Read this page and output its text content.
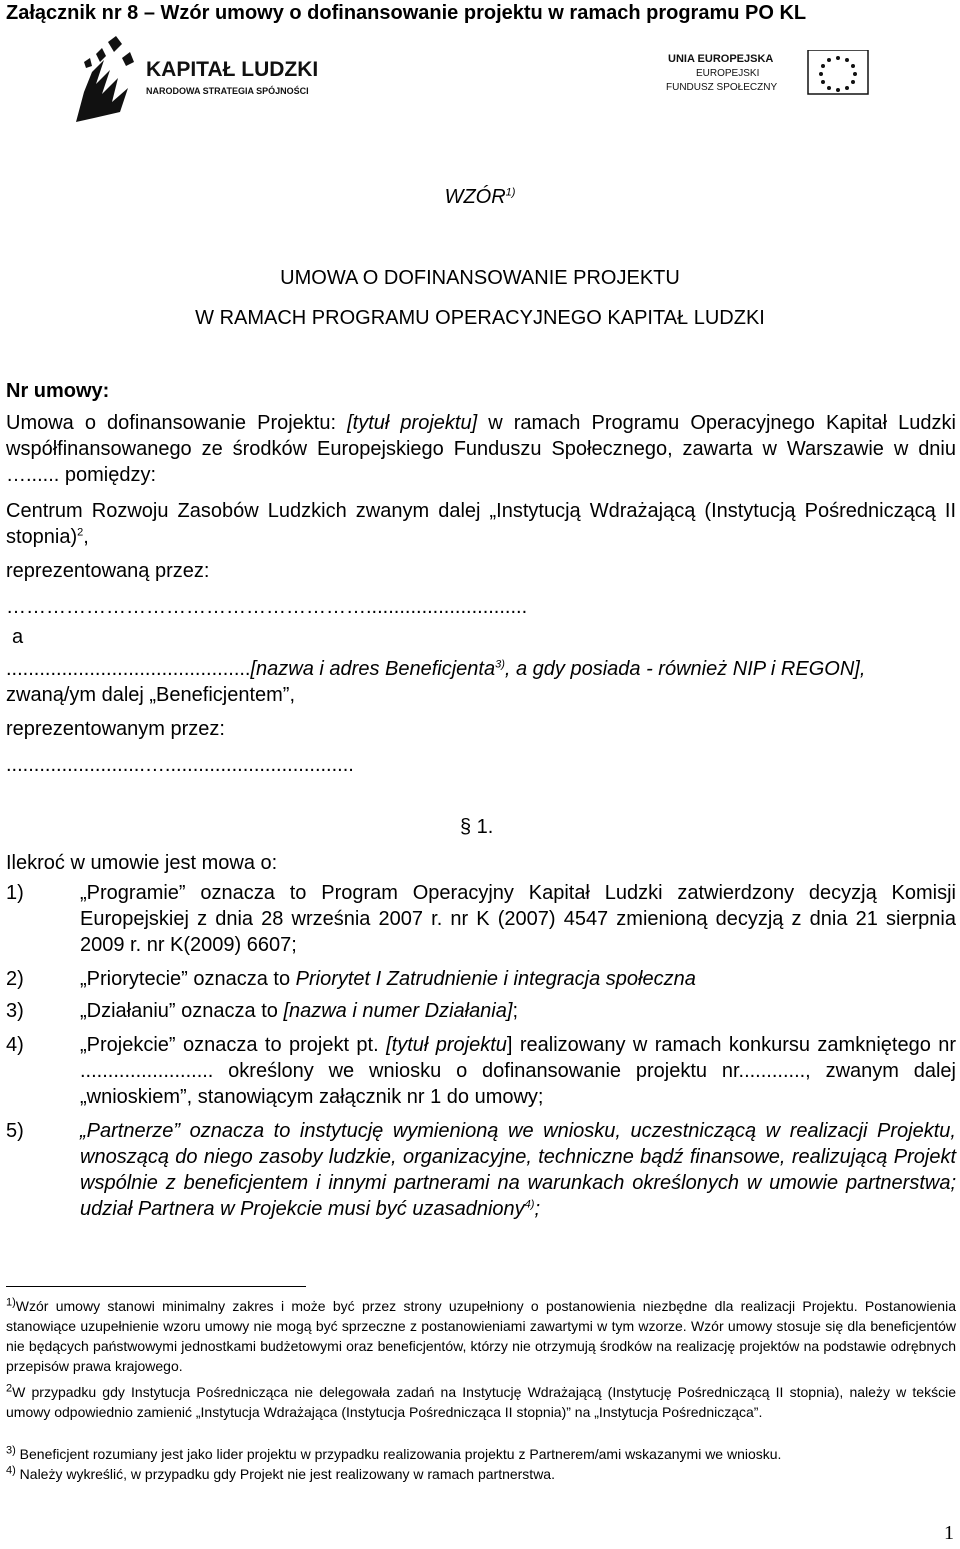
Załącznik nr 8 – Wzór umowy o dofinansowanie projektu w ramach programu PO KL
KAPITAŁ LUDZKI
NARODOWA STRATEGIA SPÓJNOŚCI
UNIA EUROPEJSKA
EUROPEJSKI
FUNDUSZ SPOŁECZNY
WZÓR$^{1)}$
UMOWA O DOFINANSOWANIE PROJEKTU
W RAMACH PROGRAMU OPERACYJNEGO KAPITAŁ LUDZKI
Nr umowy:
Umowa o dofinansowanie Projektu: [tytuł projektu] w ramach Programu Operacyjnego Kapitał Ludzki współfinansowanego ze środków Europejskiego Funduszu Społecznego, zawarta w Warszawie w dniu …...... pomiędzy:
Centrum Rozwoju Zasobów Ludzkich zwanym dalej „Instytucją Wdrażającą (Instytucją Pośredniczącą II stopnia)$^2$,
reprezentowaną przez:
……………………………………………….............................
a
............................................[nazwa i adres Beneficjenta$^{3)}$, a gdy posiada - również NIP i REGON], zwaną/ym dalej „Beneficjentem”,
reprezentowanym przez:
.........................…..................................
§ 1.
Ilekroć w umowie jest mowa o:
1)	„Programie” oznacza to Program Operacyjny Kapitał Ludzki zatwierdzony decyzją Komisji Europejskiej z dnia 28 września 2007 r. nr K (2007) 4547 zmienioną decyzją z dnia 21 sierpnia 2009 r. nr K(2009) 6607;
2)	„Priorytecie” oznacza to Priorytet I Zatrudnienie i integracja społeczna
3)	„Działaniu” oznacza to [nazwa i numer Działania];
4)	„Projekcie” oznacza to projekt pt. [tytuł projektu] realizowany w ramach konkursu zamkniętego nr ........................ określony we wniosku o dofinansowanie projektu nr............, zwanym dalej „wnioskiem”, stanowiącym załącznik nr 1 do umowy;
5)	„Partnerze” oznacza to instytucję wymienioną we wniosku, uczestniczącą w realizacji Projektu, wnoszącą do niego zasoby ludzkie, organizacyjne, techniczne bądź finansowe, realizującą Projekt wspólnie z beneficjentem i innymi partnerami na warunkach określonych w umowie partnerstwa; udział Partnera w Projekcie musi być uzasadniony$^{4)}$;
$^{1)}$Wzór umowy stanowi minimalny zakres i może być przez strony uzupełniony o postanowienia niezbędne dla realizacji Projektu. Postanowienia stanowiące uzupełnienie wzoru umowy nie mogą być sprzeczne z postanowieniami zawartymi w tym wzorze. Wzór umowy stosuje się dla beneficjentów nie będących państwowymi jednostkami budżetowymi oraz beneficjentów, którzy nie otrzymują środków na realizację projektów na podstawie odrębnych przepisów prawa krajowego.
$^2$W przypadku gdy Instytucja Pośrednicząca nie delegowała zadań na Instytucję Wdrażającą (Instytucję Pośredniczącą II stopnia), należy w tekście umowy odpowiednio zamienić „Instytucja Wdrażająca (Instytucja Pośrednicząca II stopnia)” na „Instytucja Pośrednicząca”.
$^{3)}$ Beneficjent rozumiany jest jako lider projektu w przypadku realizowania projektu z Partnerem/ami wskazanymi we wniosku.
$^{4)}$ Należy wykreślić, w przypadku gdy Projekt nie jest realizowany w ramach partnerstwa.
1
